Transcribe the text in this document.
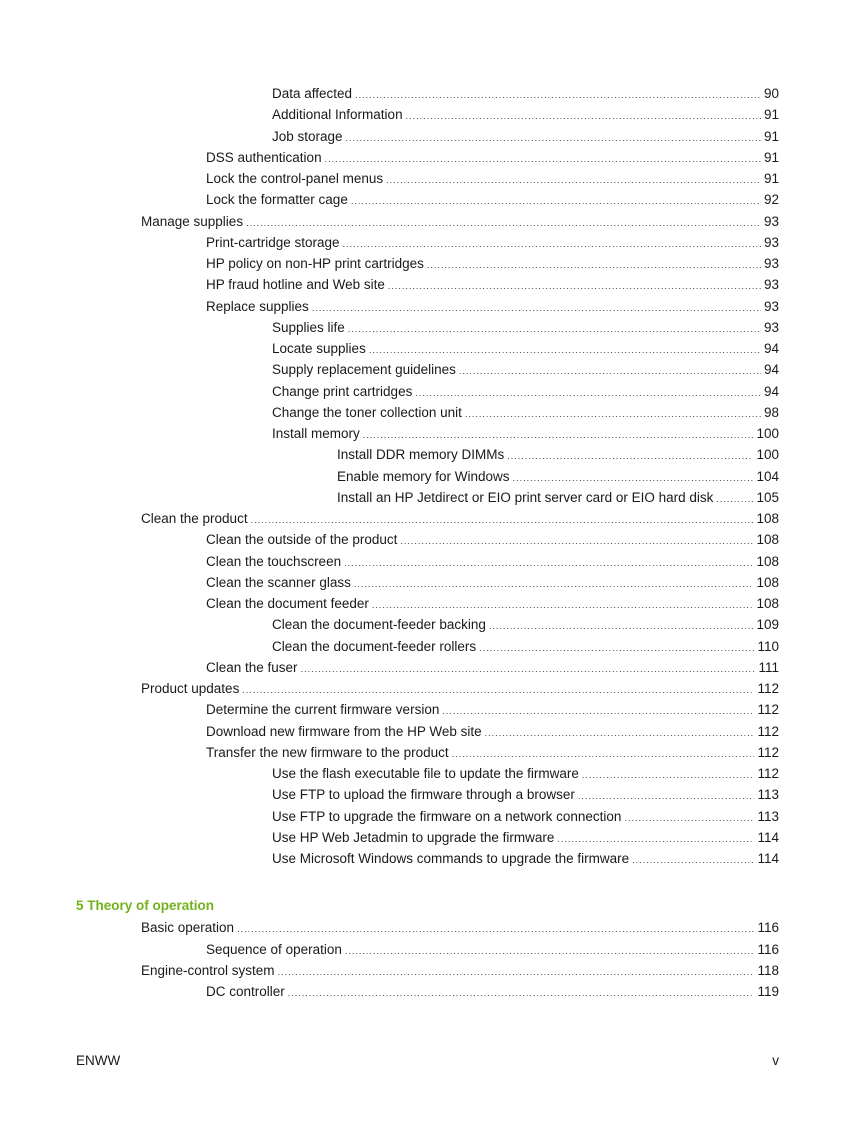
Data affected .....	90
Additional Information .....	91
Job storage .....	91
DSS authentication .....	91
Lock the control-panel menus .....	91
Lock the formatter cage .....	92
Manage supplies .....	93
Print-cartridge storage .....	93
HP policy on non-HP print cartridges .....	93
HP fraud hotline and Web site .....	93
Replace supplies .....	93
Supplies life .....	93
Locate supplies .....	94
Supply replacement guidelines .....	94
Change print cartridges .....	94
Change the toner collection unit .....	98
Install memory .....	100
Install DDR memory DIMMs .....	100
Enable memory for Windows .....	104
Install an HP Jetdirect or EIO print server card or EIO hard disk .....	105
Clean the product .....	108
Clean the outside of the product .....	108
Clean the touchscreen .....	108
Clean the scanner glass .....	108
Clean the document feeder .....	108
Clean the document-feeder backing .....	109
Clean the document-feeder rollers .....	110
Clean the fuser .....	111
Product updates .....	112
Determine the current firmware version .....	112
Download new firmware from the HP Web site .....	112
Transfer the new firmware to the product .....	112
Use the flash executable file to update the firmware .....	112
Use FTP to upload the firmware through a browser .....	113
Use FTP to upgrade the firmware on a network connection .....	113
Use HP Web Jetadmin to upgrade the firmware .....	114
Use Microsoft Windows commands to upgrade the firmware .....	114
5 Theory of operation
Basic operation .....	116
Sequence of operation .....	116
Engine-control system .....	118
DC controller .....	119
ENWW	v
